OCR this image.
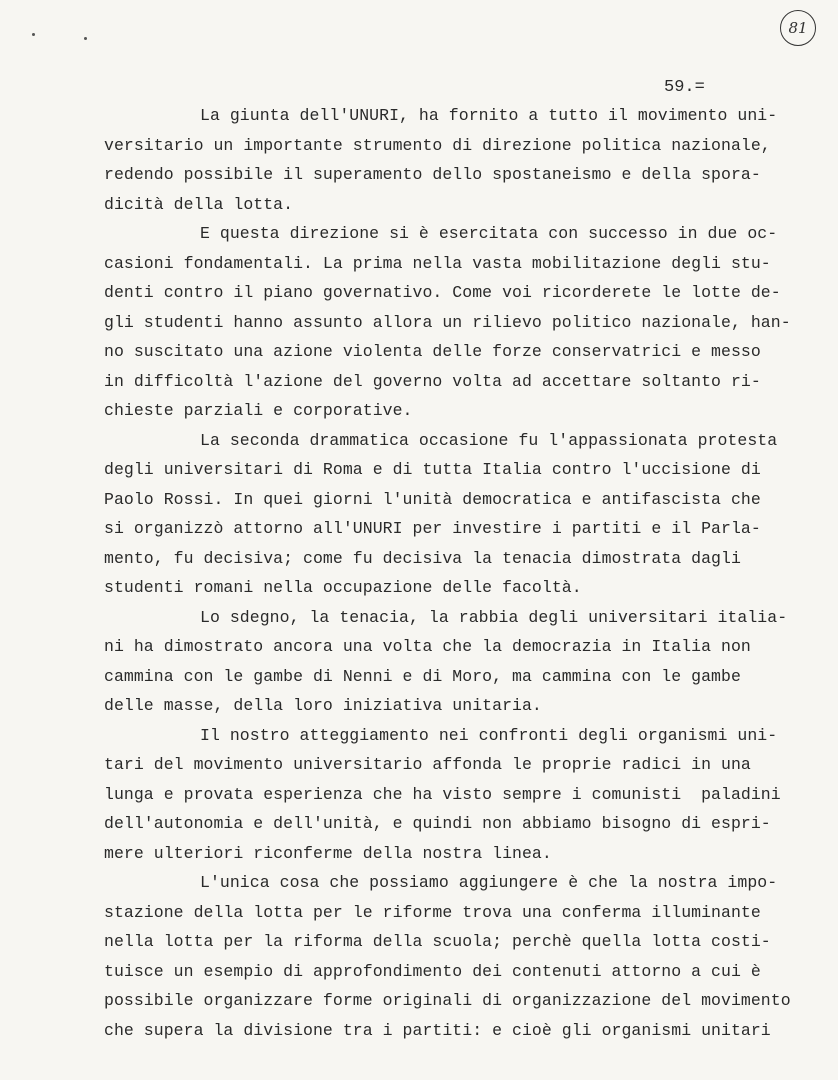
81
59.=
La giunta dell'UNURI, ha fornito a tutto il movimento uni-
versitario un importante strumento di direzione politica nazionale,
redendo possibile il superamento dello spostaneismo e della spora-
dicità della lotta.
E questa direzione si è esercitata con successo in due oc-
casioni fondamentali. La prima nella vasta mobilitazione degli stu-
denti contro il piano governativo. Come voi ricorderete le lotte de-
gli studenti hanno assunto allora un rilievo politico nazionale, han-
no suscitato una azione violenta delle forze conservatrici e messo
in difficoltà l'azione del governo volta ad accettare soltanto ri-
chieste parziali e corporative.
La seconda drammatica occasione fu l'appassionata protesta
degli universitari di Roma e di tutta Italia contro l'uccisione di
Paolo Rossi. In quei giorni l'unità democratica e antifascista che
si organizzò attorno all'UNURI per investire i partiti e il Parla-
mento, fu decisiva; come fu decisiva la tenacia dimostrata dagli
studenti romani nella occupazione delle facoltà.
Lo sdegno, la tenacia, la rabbia degli universitari italia-
ni ha dimostrato ancora una volta che la democrazia in Italia non
cammina con le gambe di Nenni e di Moro, ma cammina con le gambe
delle masse, della loro iniziativa unitaria.
Il nostro atteggiamento nei confronti degli organismi uni-
tari del movimento universitario affonda le proprie radici in una
lunga e provata esperienza che ha visto sempre i comunisti  paladini
dell'autonomia e dell'unità, e quindi non abbiamo bisogno di espri-
mere ulteriori riconferme della nostra linea.
L'unica cosa che possiamo aggiungere è che la nostra impo-
stazione della lotta per le riforme trova una conferma illuminante
nella lotta per la riforma della scuola; perchè quella lotta costi-
tuisce un esempio di approfondimento dei contenuti attorno a cui è
possibile organizzare forme originali di organizzazione del movimento
che supera la divisione tra i partiti: e cioè gli organismi unitari
